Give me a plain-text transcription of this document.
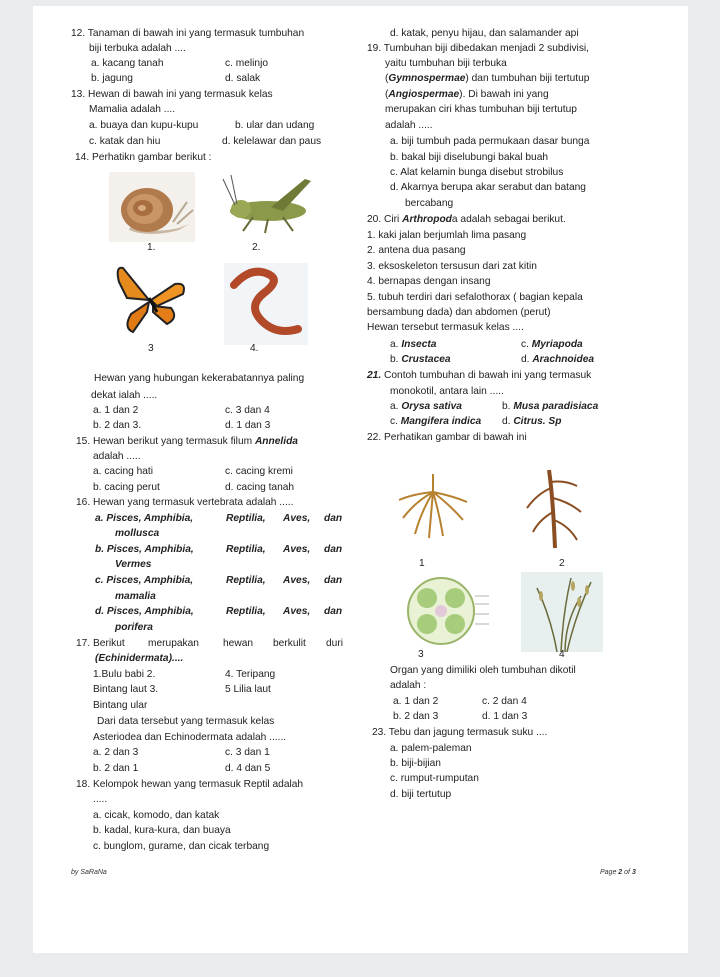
12. Tanaman di bawah ini yang termasuk tumbuhan
biji terbuka adalah ....
a. kacang tanah	c. melinjo
b. jagung	d. salak
13. Hewan di bawah ini yang termasuk kelas
Mamalia adalah ....
a. buaya dan kupu-kupu	b. ular dan udang
c. katak dan hiu	d. kelelawar dan paus
14. Perhatikn gambar berikut :
1.	2.
3	4.
Hewan yang hubungan kekerabatannya paling
dekat ialah .....
a. 1 dan 2	c. 3 dan 4
b. 2 dan 3.	d. 1 dan 3
15. Hewan berikut yang termasuk filum Annelida
adalah .....
a. cacing hati	c. cacing kremi
b. cacing perut	d. cacing tanah
16. Hewan yang termasuk vertebrata adalah .....
a. Pisces, Amphibia,	Reptilia, Aves, dan
mollusca
b. Pisces, Amphibia,	Reptilia, Aves, dan
Vermes
c. Pisces, Amphibia,	Reptilia, Aves, dan
mamalia
d. Pisces, Amphibia,	Reptilia, Aves, dan
porifera
17. Berikut merupakan hewan berkulit duri
(Echinidermata)....
1.Bulu babi 2.	4. Teripang
Bintang laut 3.	5 Lilia laut
Bintang ular
Dari data tersebut yang termasuk kelas
Asteriodea dan Echinodermata adalah ......
a. 2 dan 3	c. 3 dan 1
b. 2 dan 1	d. 4 dan 5
18. Kelompok hewan yang termasuk Reptil adalah
.....
a. cicak, komodo, dan katak
b. kadal, kura-kura, dan buaya
c. bunglom, gurame, dan cicak terbang
by SaRaNa	Page 2 of 3
d. katak, penyu hijau, dan salamander api
19. Tumbuhan biji dibedakan menjadi 2 subdivisi,
yaitu tumbuhan biji terbuka
(Gymnospermae) dan tumbuhan biji tertutup
(Angiospermae). Di bawah ini yang
merupakan ciri khas tumbuhan biji tertutup
adalah .....
a. biji tumbuh pada permukaan dasar bunga
b. bakal biji diselubungi bakal buah
c. Alat kelamin bunga disebut strobilus
d. Akarnya berupa akar serabut dan batang
bercabang
20. Ciri Arthropoda adalah sebagai berikut.
1. kaki jalan berjumlah lima pasang
2. antena dua pasang
3. eksoskeleton tersusun dari zat kitin
4. bernapas dengan insang
5. tubuh terdiri dari sefalothorax ( bagian kepala
bersambung dada) dan abdomen (perut)
Hewan tersebut termasuk kelas ....
a. Insecta	c. Myriapoda
b. Crustacea	d. Arachnoidea
21. Contoh tumbuhan di bawah ini yang termasuk
monokotil, antara lain .....
a. Orysa sativa	b. Musa paradisiaca
c. Mangifera indica d. Citrus. Sp
22. Perhatikan gambar di bawah ini
1	2
3	4
Organ yang dimiliki oleh tumbuhan dikotil
adalah :
a. 1 dan 2	c. 2 dan 4
b. 2 dan 3	d. 1 dan 3
23. Tebu dan jagung termasuk suku ....
a. palem-paleman
b. biji-bijian
c. rumput-rumputan
d. biji tertutup
